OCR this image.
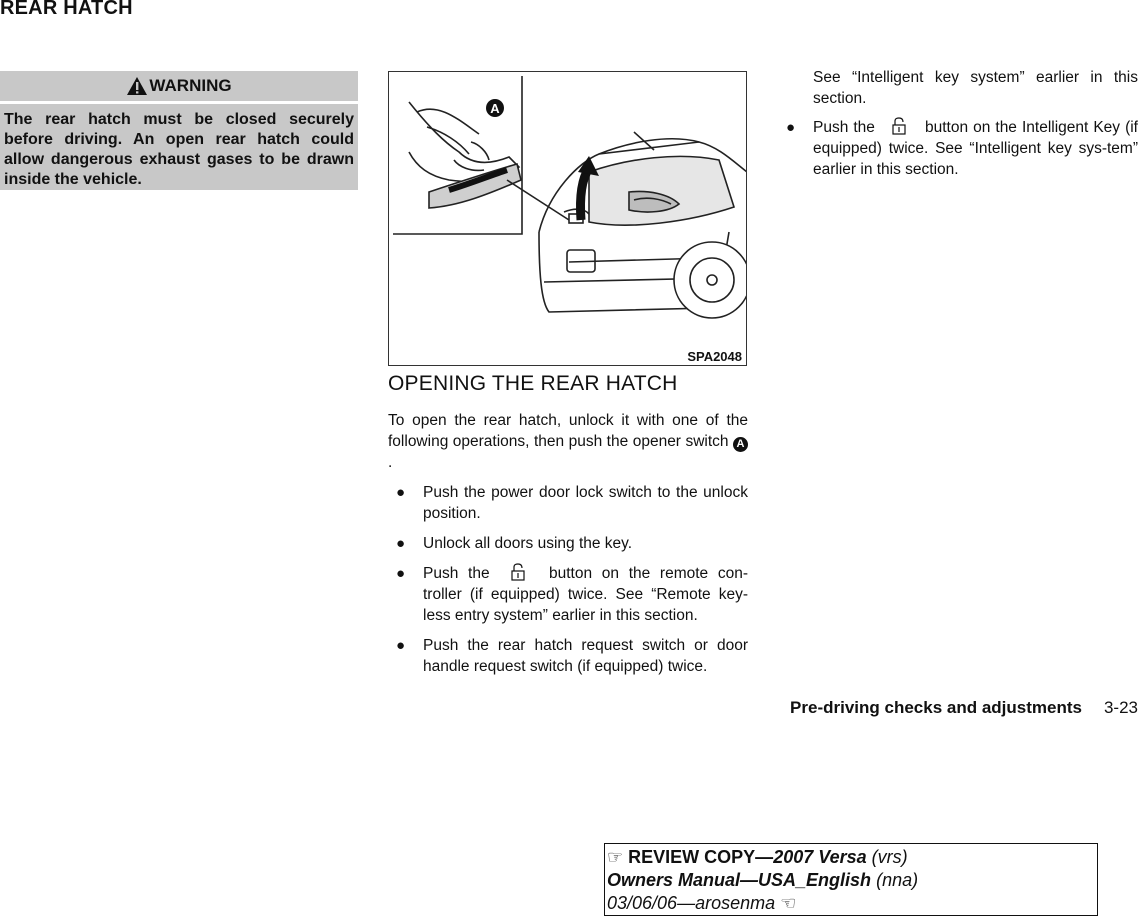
REAR HATCH
WARNING
The rear hatch must be closed securely before driving. An open rear hatch could allow dangerous exhaust gases to be drawn inside the vehicle.
A
SPA2048
OPENING THE REAR HATCH
To open the rear hatch, unlock it with one of the following operations, then push the opener switch A.
● Push the power door lock switch to the unlock position.
● Unlock all doors using the key.
● Push the	button on the remote con-troller (if equipped) twice. See “Remote key-less entry system” earlier in this section.
● Push the rear hatch request switch or door handle request switch (if equipped) twice.
See “Intelligent key system” earlier in this section.
● Push the	button on the Intelligent Key (if equipped) twice. See “Intelligent key sys-tem” earlier in this section.
Pre-driving checks and adjustments 3-23
☞ REVIEW COPY—2007 Versa (vrs)
Owners Manual—USA_English (nna)
03/06/06—arosenma ☜
